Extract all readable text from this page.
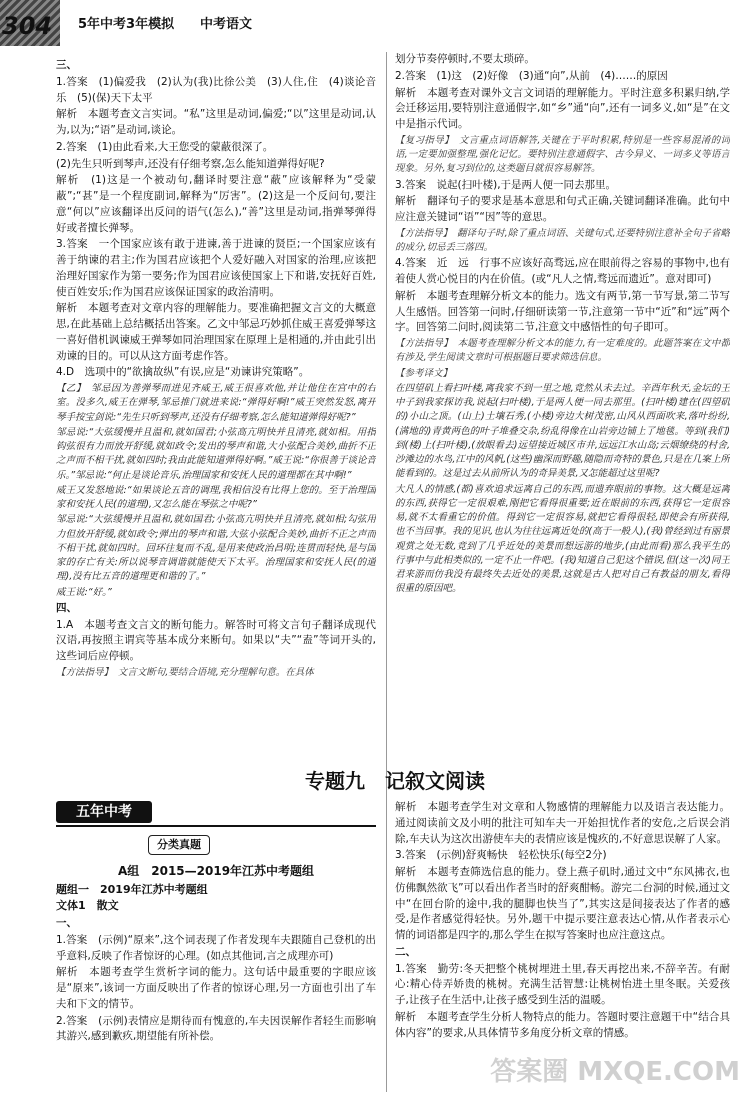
304 5年中考3年模拟 中考语文

三、

1.答案　(1)偏爱我　(2)认为(我)比徐公美　(3)人住,住　(4)谈论音乐　(5)(保)天下太平

解析　本题考查文言实词。“私”这里是动词,偏爱;“以”这里是动词,认为,以为;“语”是动词,谈论。

2.答案　(1)由此看来,大王您受的蒙蔽很深了。

(2)先生只听到琴声,还没有仔细考察,怎么能知道弹得好呢?

解析　(1)这是一个被动句,翻译时要注意“蔽”应该解释为“受蒙蔽”;“甚”是一个程度副词,解释为“厉害”。(2)这是一个反问句,要注意“何以”应该翻译出反问的语气(怎么),“善”这里是动词,指弹琴弹得好或者擅长弹琴。

3.答案　一个国家应该有敢于进谏,善于进谏的贤臣;一个国家应该有善于纳谏的君主;作为国君应该把个人爱好融入对国家的治理,应该把治理好国家作为第一要务;作为国君应该使国家上下和谐,安抚好百姓,使百姓安乐;作为国君应该保证国家的政治清明。

解析　本题考查对文章内容的理解能力。要准确把握文言文的大概意思,在此基础上总结概括出答案。乙文中邹忌巧妙抓住威王喜爱弹琴这一喜好借机讽谏威王弹琴如同治理国家在原理上是相通的,并由此引出劝谏的目的。可以从这方面考虑作答。

4.D　选项中的“欲擒故纵”有误,应是“劝谏讲究策略”。

【乙】　邹忌因为善弹琴而进见齐威王,威王很喜欢他,并让他住在宫中的右室。没多久,威王在弹琴,邹忌推门就进来说:“弹得好啊!”威王突然发怒,离开琴手按宝剑说:“先生只听到琴声,还没有仔细考察,怎么能知道弹得好呢?”

邹忌说:“大弦缓慢并且温和,就如国君;小弦高亢明快并且清亮,就如相。用指钩弦很有力而放开舒缓,就如政令;发出的琴声和谐,大小弦配合美妙,曲折不正之声而不相干扰,就如四时;我由此能知道弹得好啊。”威王说:“你很善于谈论音乐。”邹忌说:“何止是谈论音乐,治理国家和安抚人民的道理都在其中啊!”

威王又发怒地说:“如果谈论五音的调理,我相信没有比得上您的。至于治理国家和安抚人民(的道理),又怎么能在琴弦之中呢?”

邹忌说:“大弦缓慢并且温和,就如国君;小弦高亢明快并且清亮,就如相;勾弦用力但放开舒缓,就如政令;弹出的琴声和谐,大弦小弦配合美妙,曲折不正之声而不相干扰,就如四时。回环往复而不乱,是用来使政治昌明;连贯而轻快,是与国家的存亡有关:所以说琴音调谐就能使天下太平。治理国家和安抚人民(的道理),没有比五音的道理更和谐的了。”

威王说:“好。”

四、

1.A　本题考查文言文的断句能力。解答时可将文言句子翻译成现代汉语,再按照主谓宾等基本成分来断句。如果以“夫”“盍”等词开头的,这些词后应停顿。

【方法指导】　文言文断句,要结合语境,充分理解句意。在具体

划分节奏停顿时,不要太琐碎。

2.答案　(1)这　(2)好像　(3)通“向”,从前　(4)……的原因

解析　本题考查对课外文言文词语的理解能力。平时注意多积累归纳,学会迁移运用,要特别注意通假字,如“乡”通“向”,还有一词多义,如“是”在文中是指示代词。

【复习指导】　文言重点词语解答,关键在于平时积累,特别是一些容易混淆的词语,一定要加强整理,强化记忆。要特别注意通假字、古今异义、一词多义等语言现象。另外,复习到位的,这类题目就很容易解答。

3.答案　说起(扫叶楼),于是两人便一同去那里。

解析　翻译句子的要求是基本意思和句式正确,关键词翻译准确。此句中应注意关键词“语”“因”等的意思。

【方法指导】　翻译句子时,除了重点词语、关键句式,还要特别注意补全句子省略的成分,切忌丢三落四。

4.答案　近　远　行事不应该好高骛远,应在眼前得之容易的事物中,也有着使人赏心悦目的内在价值。(或“凡人之情,骛远而遗近”。意对即可)

解析　本题考查理解分析文本的能力。选文有两节,第一节写景,第二节写人生感悟。回答第一问时,仔细研读第一节,注意第一节中“近”和“远”两个字。回答第二问时,阅读第二节,注意文中感悟性的句子即可。

【方法指导】　本题考查理解分析文本的能力,有一定难度的。此题答案在文中都有涉及,学生阅读文章时可根据题目要求筛选信息。

【参考译文】

在四望矶上看扫叶楼,离我家不到一里之地,竟然从未去过。辛酉年秋天,金坛的王中子到我家探访我,说起(扫叶楼),于是两人便一同去那里。(扫叶楼)建在(四望矶的)小山之顶。(山上)土壤石秀,(小楼)旁边大树茂密,山风从西面吹来,落叶纷纷,(满地的)青黄两色的叶子堆叠交杂,纷乱得像在山岩旁边铺上了地毯。等到(我们)到(楼)上(扫叶楼),(放眼看去)远望接近城区市井,远远江水山岛;云烟缭绕的村舍,沙滩边的水鸟,江中的风帆,(这些)幽深而野趣,随隐而奇特的景色,只是在几案上所能看到的。这是过去从前所认为的奇异美景,又怎能超过这里呢?

大凡人的情感,(都)喜欢追求远离自己的东西,而遗弃眼前的事物。这大概是远离的东西,获得它一定很艰难,刚把它看得很重要;近在眼前的东西,获得它一定很容易,就不太看重它的价值。得到它一定很容易,就把它看得很轻,即使会有所获得,也不当回事。我的见识,也认为往往远离近处的(高于一般人),(我)曾经到过有丽景观赏之处无数,竟到了几乎近处的美景而想远游的地步,(由此而看)那么我平生的行事中与此相类似的,一定不止一件吧。(我)知道自己犯这个错误,但(这一次)同王君来游而仿我没有最终失去近处的美景,这就是古人把对自己有教益的朋友,看得很重的原因吧。

专题九　记叙文阅读
五年中考
分类真题
A组　2015—2019年江苏中考题组
题组一　2019年江苏中考题组
文体1　散文

一、

1.答案　(示例)“原来”,这个词表现了作者发现车夫跟随自己登机的出乎意料,反映了作者惊讶的心理。(如点其他词,言之成理亦可)

解析　本题考查学生赏析字词的能力。这句话中最重要的字眼应该是“原来”,该词一方面反映出了作者的惊讶心理,另一方面也引出了车夫和下文的情节。

2.答案　(示例)表情应是期待而有愧意的,车夫因误解作者轻生而影响其游兴,感到歉疚,期望能有所补偿。

解析　本题考查学生对文章和人物感情的理解能力以及语言表达能力。通过阅读前文及小明的批注可知车夫一开始担忧作者的安危,之后误会消除,车夫认为这次出游使车夫的表情应该是愧疚的,不好意思误解了人家。

3.答案　(示例)舒爽畅快　轻松快乐(每空2分)

解析　本题考查筛选信息的能力。登上燕子矶时,通过文中“东风拂衣,也仿佛飘然欲飞”可以看出作者当时的舒爽酣畅。游完二台洞的时候,通过文中“在回台阶的途中,我的腿脚也快当了”,其实这是间接表达了作者的感受,是作者感觉得轻快。另外,题干中提示要注意表达心情,从作者表示心情的词语都是四字的,那么学生在拟写答案时也应注意这点。

二、

1.答案　勤劳:冬天把整个桃树埋进土里,春天再挖出来,不辞辛苦。有耐心:精心侍弄娇贵的桃树。充满生活智慧:让桃树怡进土里冬眠。关爱孩子,让孩子在生活中,让孩子感受到生活的温暖。

解析　本题考查学生分析人物特点的能力。答题时要注意题干中“结合具体内容”的要求,从具体情节多角度分析文章的情感。

答案圈 MXQE.COM
